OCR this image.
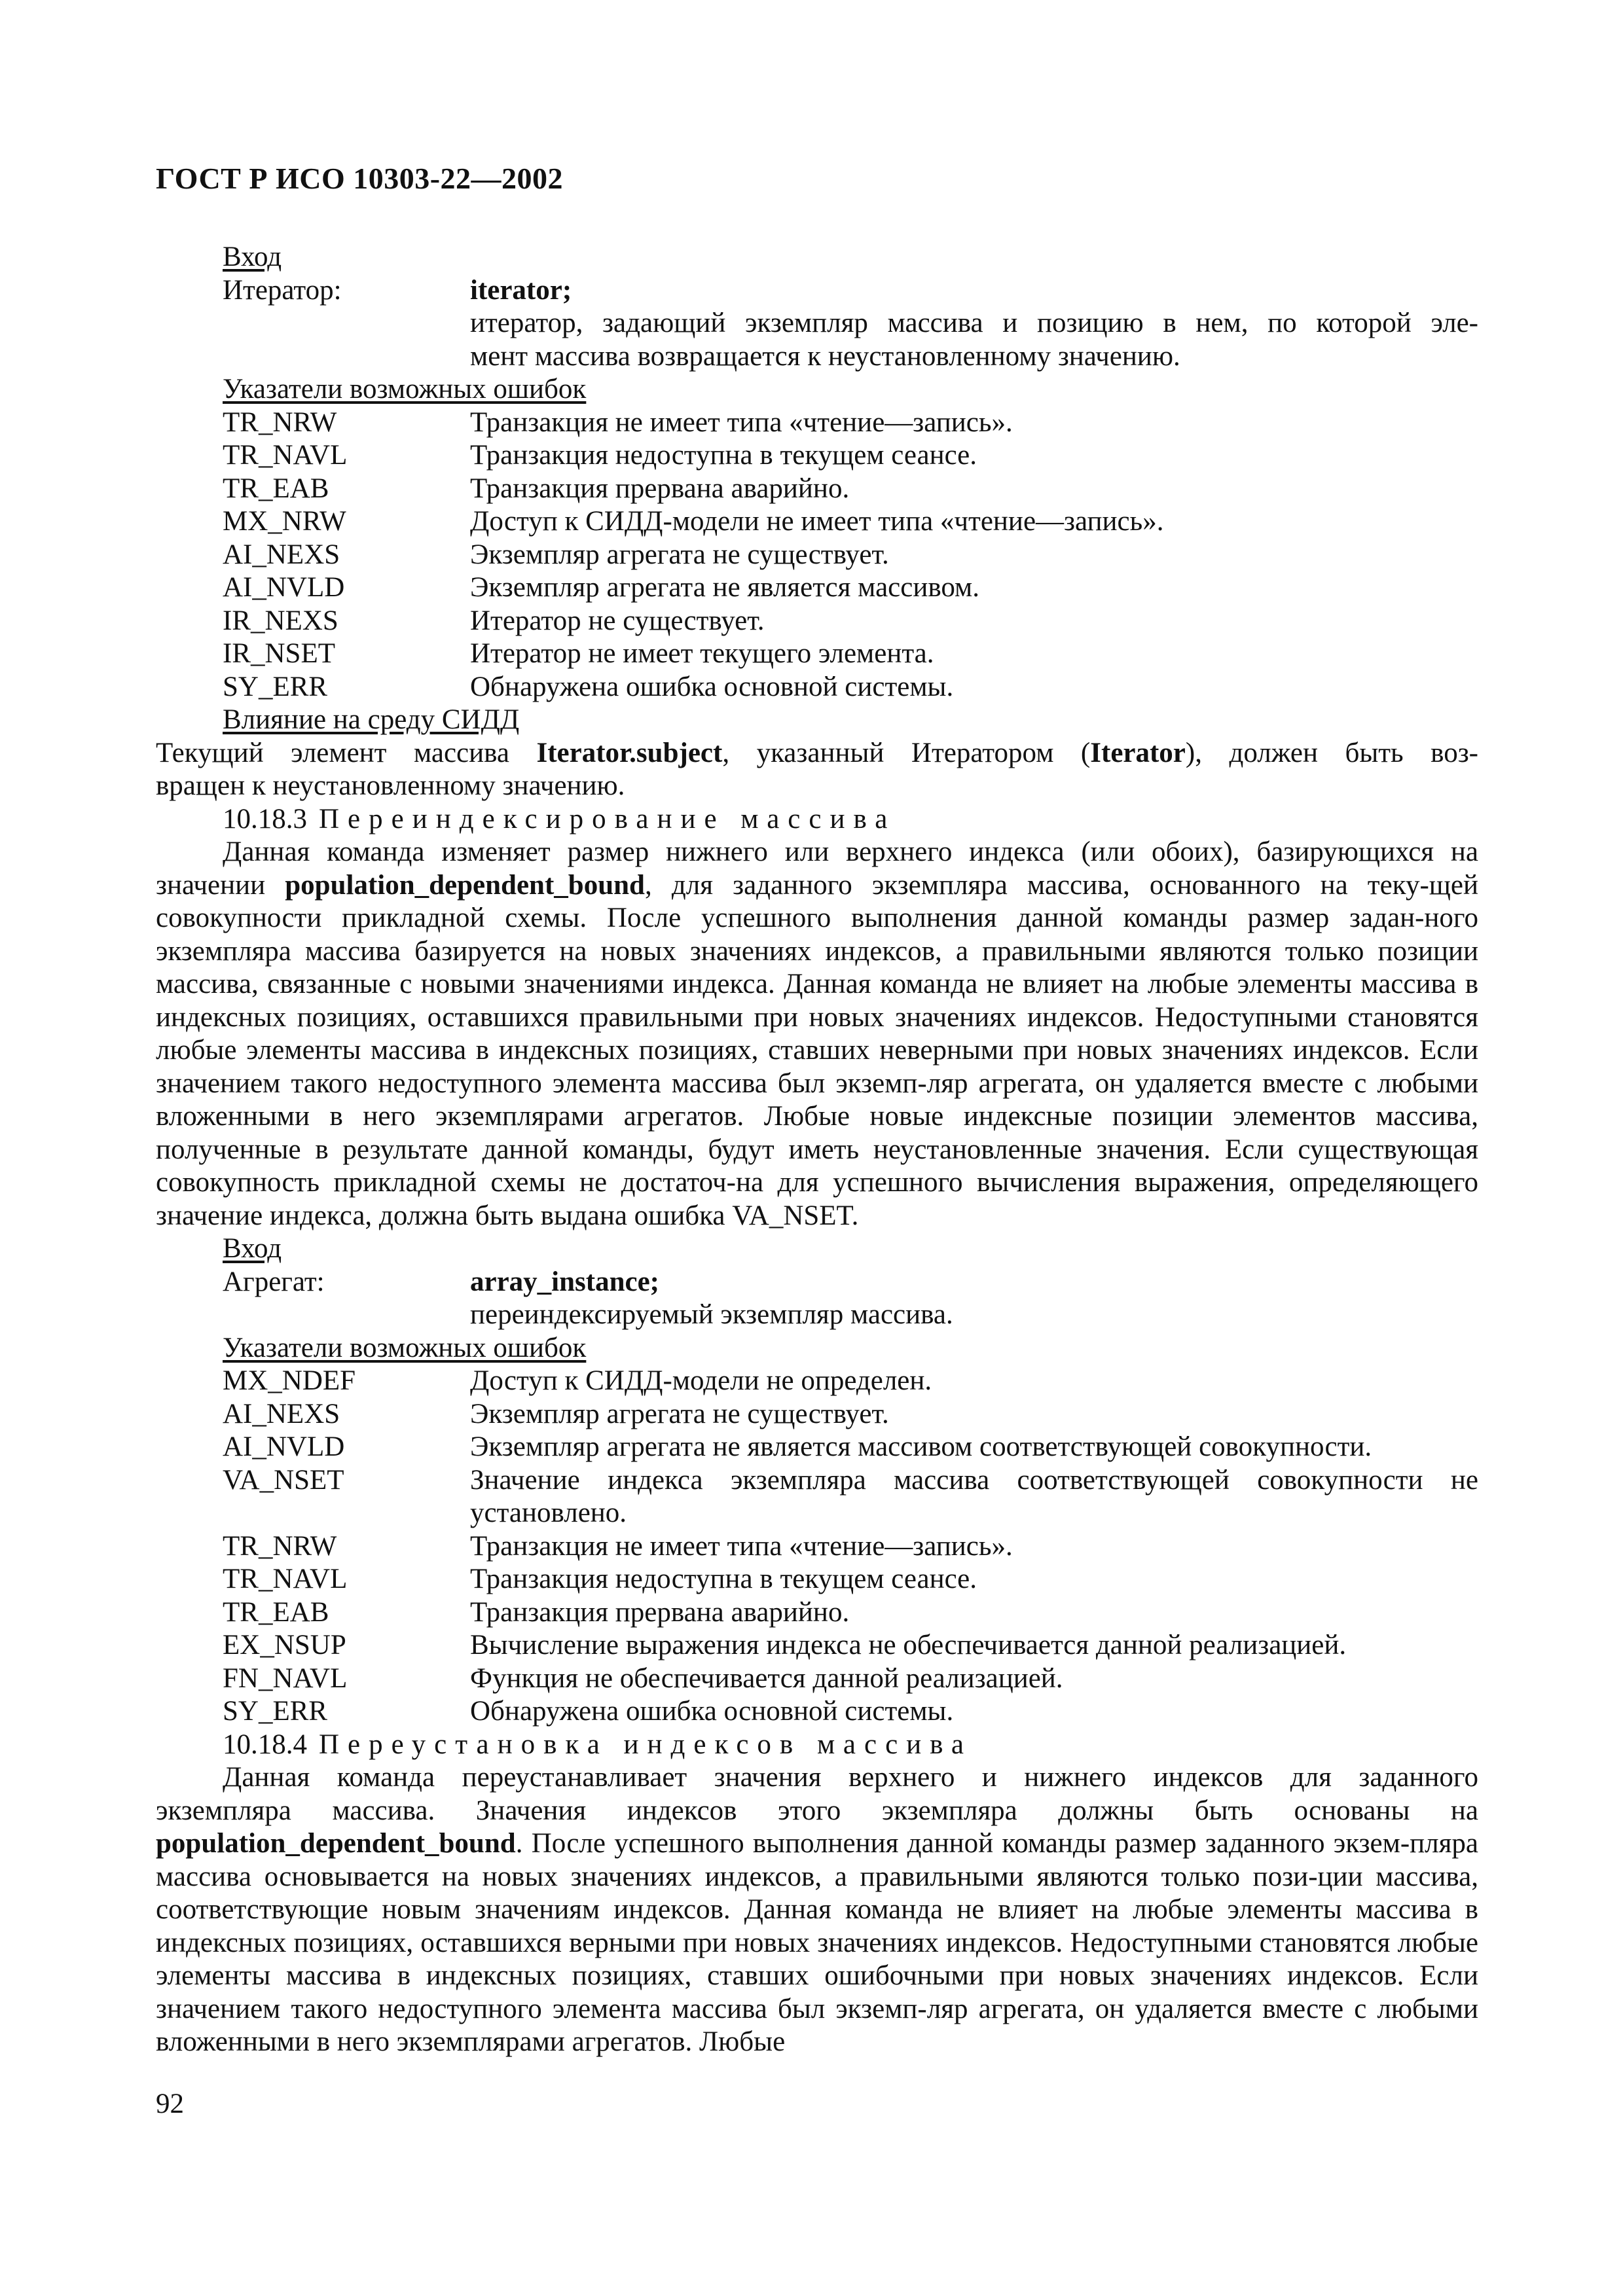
ГОСТ Р ИСО 10303-22—2002
Вход
Итератор:	iterator;
итератор, задающий экземпляр массива и позицию в нем, по которой эле-
мент массива возвращается к неустановленному значению.
Указатели возможных ошибок
TR_NRW	Транзакция не имеет типа «чтение—запись».
TR_NAVL	Транзакция недоступна в текущем сеансе.
TR_EAB	Транзакция прервана аварийно.
MX_NRW	Доступ к СИДД-модели не имеет типа «чтение—запись».
AI_NEXS	Экземпляр агрегата не существует.
AI_NVLD	Экземпляр агрегата не является массивом.
IR_NEXS	Итератор не существует.
IR_NSET	Итератор не имеет текущего элемента.
SY_ERR	Обнаружена ошибка основной системы.
Влияние на среду СИДД
Текущий элемент массива Iterator.subject, указанный Итератором (Iterator), должен быть воз-
вращен к неустановленному значению.
10.18.3 Переиндексирование массива
Данная команда изменяет размер нижнего или верхнего индекса (или обоих), базирующихся на значении population_dependent_bound, для заданного экземпляра массива, основанного на теку-щей совокупности прикладной схемы. После успешного выполнения данной команды размер задан-ного экземпляра массива базируется на новых значениях индексов, а правильными являются только позиции массива, связанные с новыми значениями индекса. Данная команда не влияет на любые элементы массива в индексных позициях, оставшихся правильными при новых значениях индексов. Недоступными становятся любые элементы массива в индексных позициях, ставших неверными при новых значениях индексов. Если значением такого недоступного элемента массива был экземп-ляр агрегата, он удаляется вместе с любыми вложенными в него экземплярами агрегатов. Любые новые индексные позиции элементов массива, полученные в результате данной команды, будут иметь неустановленные значения. Если существующая совокупность прикладной схемы не достаточ-на для успешного вычисления выражения, определяющего значение индекса, должна быть выдана ошибка VA_NSET.
Вход
Агрегат:	array_instance;
переиндексируемый экземпляр массива.
Указатели возможных ошибок
MX_NDEF	Доступ к СИДД-модели не определен.
AI_NEXS	Экземпляр агрегата не существует.
AI_NVLD	Экземпляр агрегата не является массивом соответствующей совокупности.
VA_NSET	Значение индекса экземпляра массива соответствующей совокупности не установлено.
TR_NRW	Транзакция не имеет типа «чтение—запись».
TR_NAVL	Транзакция недоступна в текущем сеансе.
TR_EAB	Транзакция прервана аварийно.
EX_NSUP	Вычисление выражения индекса не обеспечивается данной реализацией.
FN_NAVL	Функция не обеспечивается данной реализацией.
SY_ERR	Обнаружена ошибка основной системы.
10.18.4 Переустановка индексов массива
Данная команда переустанавливает значения верхнего и нижнего индексов для заданного
экземпляра массива. Значения индексов этого экземпляра должны быть основаны на
population_dependent_bound. После успешного выполнения данной команды размер заданного экзем-пляра массива основывается на новых значениях индексов, а правильными являются только пози-ции массива, соответствующие новым значениям индексов. Данная команда не влияет на любые элементы массива в индексных позициях, оставшихся верными при новых значениях индексов. Недоступными становятся любые элементы массива в индексных позициях, ставших ошибочными при новых значениях индексов. Если значением такого недоступного элемента массива был экземп-ляр агрегата, он удаляется вместе с любыми вложенными в него экземплярами агрегатов. Любые
92
